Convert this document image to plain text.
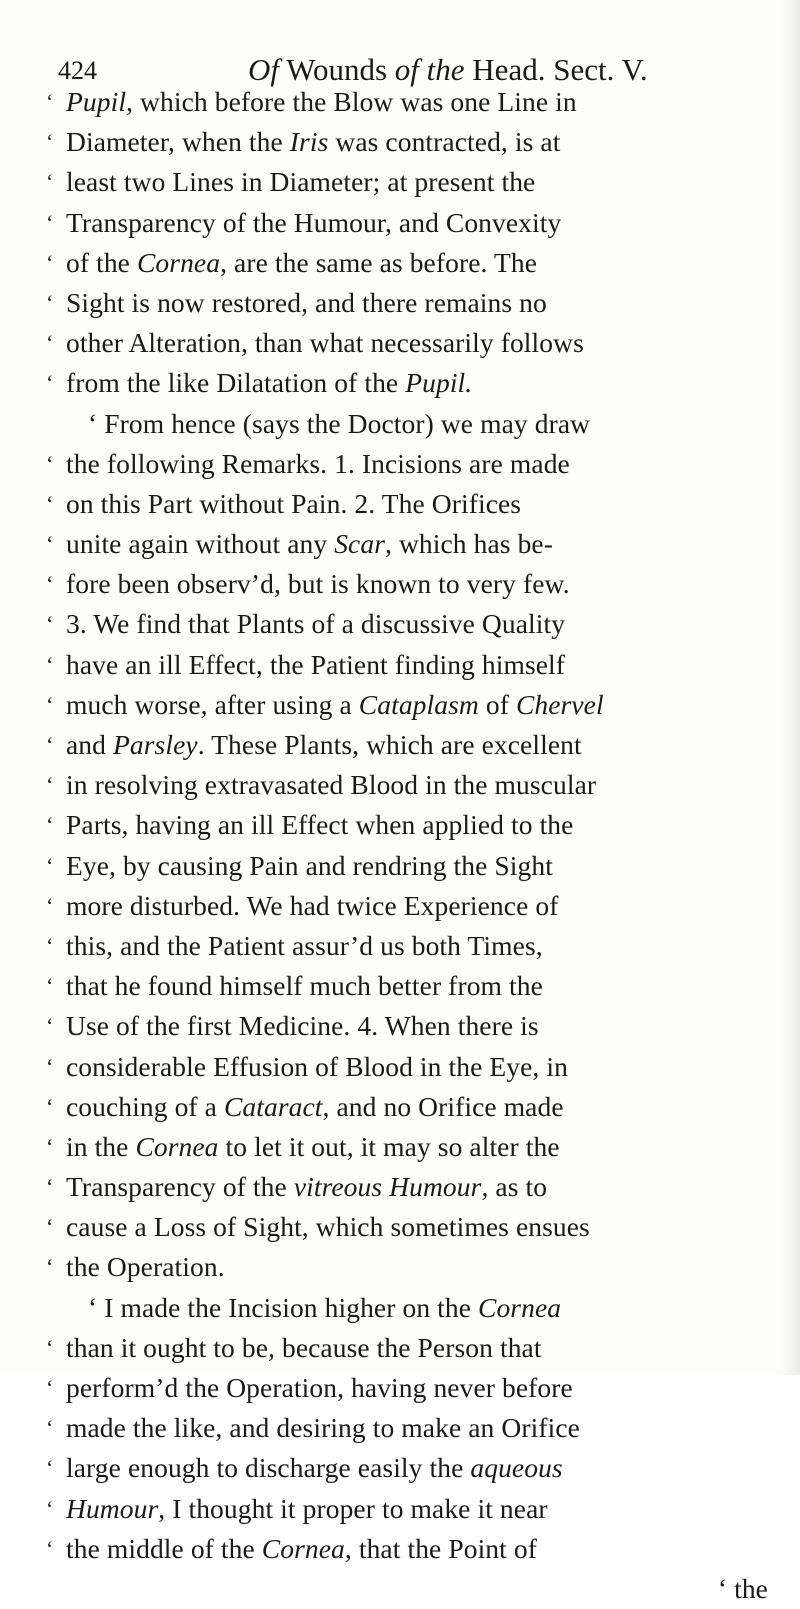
424	Of Wounds of the Head. Sect. V.
‘ Pupil, which before the Blow was one Line in
‘ Diameter, when the Iris was contracted, is at
‘ least two Lines in Diameter; at present the
‘ Transparency of the Humour, and Convexity
‘ of the Cornea, are the same as before. The
‘ Sight is now restored, and there remains no
‘ other Alteration, than what necessarily follows
‘ from the like Dilatation of the Pupil.
‘ From hence (says the Doctor) we may draw
‘ the following Remarks. 1. Incisions are made
‘ on this Part without Pain. 2. The Orifices
‘ unite again without any Scar, which has be-
‘ fore been observ’d, but is known to very few.
‘ 3. We find that Plants of a discussive Quality
‘ have an ill Effect, the Patient finding himself
‘ much worse, after using a Cataplasm of Chervel
‘ and Parsley. These Plants, which are excellent
‘ in resolving extravasated Blood in the muscular
‘ Parts, having an ill Effect when applied to the
‘ Eye, by causing Pain and rendring the Sight
‘ more disturbed. We had twice Experience of
‘ this, and the Patient assur’d us both Times,
‘ that he found himself much better from the
‘ Use of the first Medicine. 4. When there is
‘ considerable Effusion of Blood in the Eye, in
‘ couching of a Cataract, and no Orifice made
‘ in the Cornea to let it out, it may so alter the
‘ Transparency of the vitreous Humour, as to
‘ cause a Loss of Sight, which sometimes ensues
‘ the Operation.
‘ I made the Incision higher on the Cornea
‘ than it ought to be, because the Person that
‘ perform’d the Operation, having never before
‘ made the like, and desiring to make an Orifice
‘ large enough to discharge easily the aqueous
‘ Humour, I thought it proper to make it near
‘ the middle of the Cornea, that the Point of
‘ the
